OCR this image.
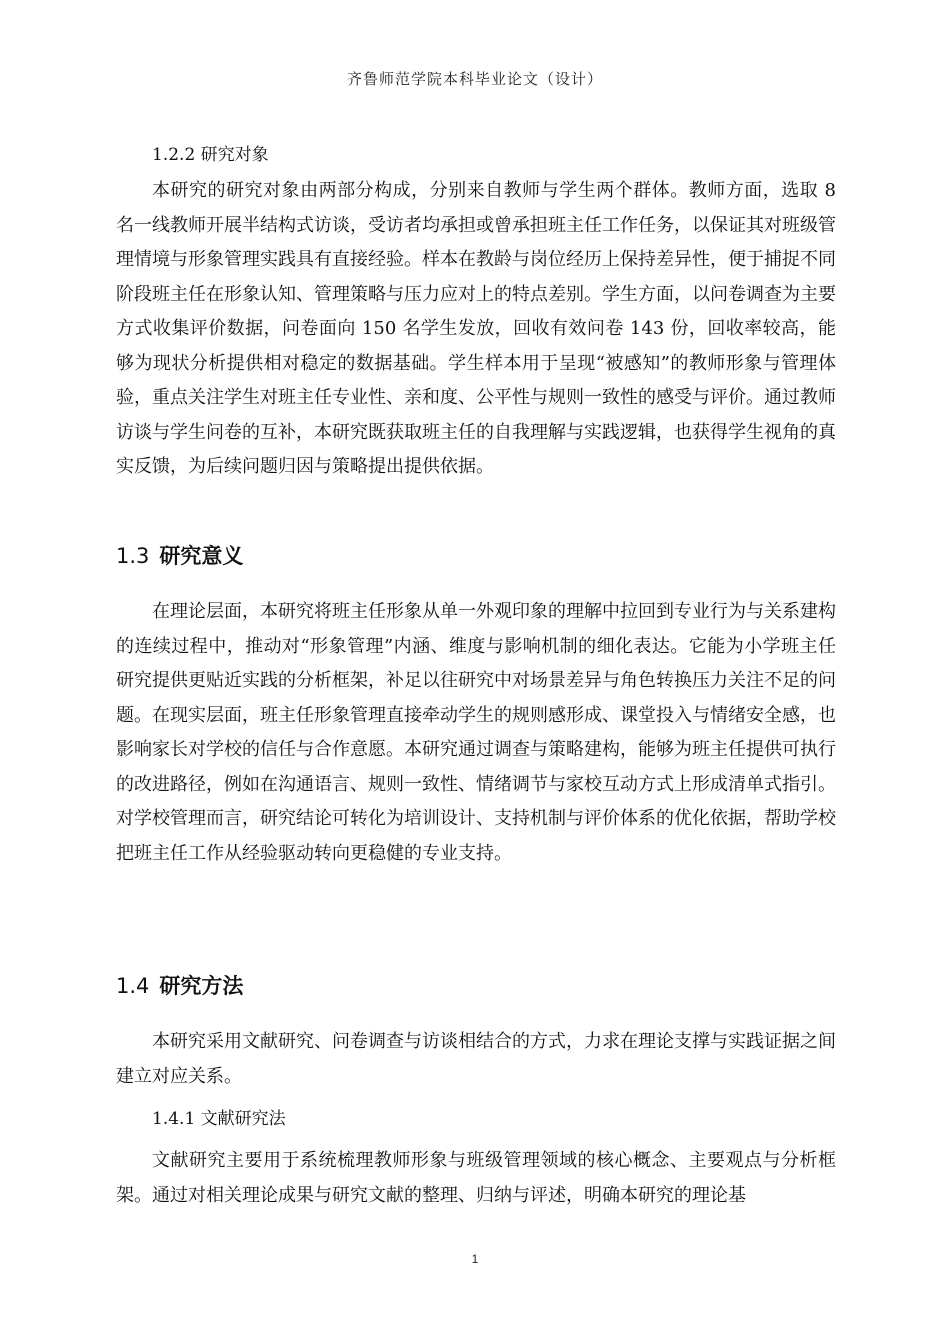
齐鲁师范学院本科毕业论文（设计）
1.2.2 研究对象

本研究的研究对象由两部分构成，分别来自教师与学生两个群体。教师方面，选取 8 名一线教师开展半结构式访谈，受访者均承担或曾承担班主任工作任务，以保证其对班级管理情境与形象管理实践具有直接经验。样本在教龄与岗位经历上保持差异性，便于捕捉不同阶段班主任在形象认知、管理策略与压力应对上的特点差别。学生方面，以问卷调查为主要方式收集评价数据，问卷面向 150 名学生发放，回收有效问卷 143 份，回收率较高，能够为现状分析提供相对稳定的数据基础。学生样本用于呈现“被感知”的教师形象与管理体验，重点关注学生对班主任专业性、亲和度、公平性与规则一致性的感受与评价。通过教师访谈与学生问卷的互补，本研究既获取班主任的自我理解与实践逻辑，也获得学生视角的真实反馈，为后续问题归因与策略提出提供依据。

1.3 研究意义

在理论层面，本研究将班主任形象从单一外观印象的理解中拉回到专业行为与关系建构的连续过程中，推动对“形象管理”内涵、维度与影响机制的细化表达。它能为小学班主任研究提供更贴近实践的分析框架，补足以往研究中对场景差异与角色转换压力关注不足的问题。在现实层面，班主任形象管理直接牵动学生的规则感形成、课堂投入与情绪安全感，也影响家长对学校的信任与合作意愿。本研究通过调查与策略建构，能够为班主任提供可执行的改进路径，例如在沟通语言、规则一致性、情绪调节与家校互动方式上形成清单式指引。对学校管理而言，研究结论可转化为培训设计、支持机制与评价体系的优化依据，帮助学校把班主任工作从经验驱动转向更稳健的专业支持。

1.4 研究方法

本研究采用文献研究、问卷调查与访谈相结合的方式，力求在理论支撑与实践证据之间建立对应关系。

1.4.1 文献研究法

文献研究主要用于系统梳理教师形象与班级管理领域的核心概念、主要观点与分析框架。通过对相关理论成果与研究文献的整理、归纳与评述，明确本研究的理论基

1
